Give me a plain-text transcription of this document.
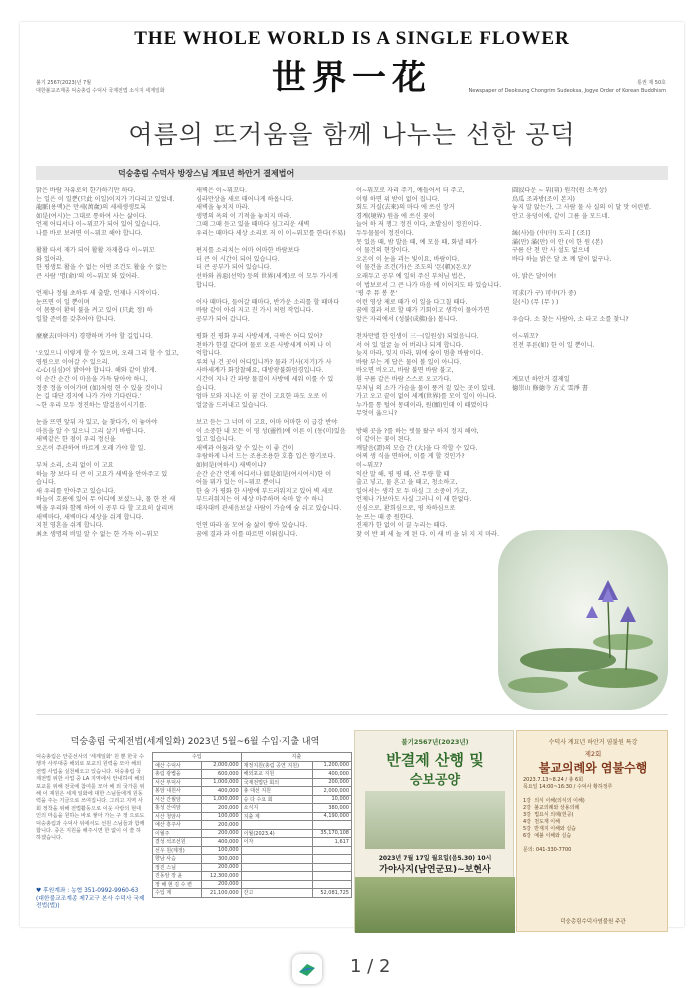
THE WHOLE WORLD IS A SINGLE FLOWER
世界一花
불기 2567(2023)년 7월
대한불교조계종 덕숭총림 수덕사 국제전법 소식지 세계일화
통권 제 50호
Newspaper of Deoksung Chongrim Sudeoksa, Jogye Order of Korean Buddhism
여름의 뜨거움을 함께 나누는 선한 공덕
덕숭총림 수덕사 방장스님 계묘년 하안거 결제법어
맑은 바람 자유로히 한가하기만 하다.
는 일은 이 일뿐(只此 이일)이지가 기다리고 있었네.
龍脈(용맥)은 만세(萬歲)의 세세생생토록
如是(여시)는 그대로 통하여 사는 삶이다.
언제 어디서나 이~뭐꼬가 되어 있어 있습니다.
나를 바로 보려면 이~뭐꼬 해야 합니다.

활활 타서 재가 되어 활활 자재롭다 이~뭐꼬
와 있어라.
한 평생토 활을 수 없는 어떤 조건도 활을 수 없는
큰 사람 '명(命)'의 이~뭐꼬 와 있어라.

언제나 정월 초하루 새 출발, 언제나 시작이다.
눈뜨면 이 일 뿐이며
이 몸뚱이 환히 불을 켜고 있어 (只此 정) 하
일할 준비를 갖추어야 합니다.

麼麼去(마마거) 경행하며 가야 할 길입니다.

'오있으니 이렇게 할 수 있으며, 오래 그리 할 수 있고,
영원으로 이어갈 수 있으리.
心心(심심)이 밝아야 합니다. 해와 같이 밝게.
이 순간 순간 이 마음을 가득 담아야 하니,
정중 정을 이어가며 (如)처럼 현 수 있을 것이니
논 길 대단 경지에 나가 가야 기다린다.'
~한 우리 모두 정진하는 발걸음이시기를.

눈을 뜨면 앞뒤 자 있고, 늘 찾다가, 이 놓아야
마음을 알 수 있으니 그리 살기 바랍니다.
새벽같은 한 점이 우리 정신을
오온이 주관하여 바르게 오래 가야 할 일.

부처 소리, 소리 없이 이 고요
하늘 창 보다 더 큰 이 고요가 새벽을 안아주고 있
습니다.
새 우리를 안아주고 있습니다.
하늘이 흐름에 있어 무 어디에 보셨느냐, 물 한 잔 새
벽을 우리와 함께 하여 이 공부 다 할 고요히 살리며
새벽마다, 새벽마다 세상을 쉬게 합니다.
지친 영혼을 쉬게 합니다.
최초 생명의 비밀 알 수 없는 한 가득 이~뭐꼬
새벽은 이~뭐꼬다.
심라만상을 새로 태어나게 하옵니다.
새벽을 놓치지 마라.
생명의 옥의 이 기적을 놓치지 마라.
그때 그때 듣고 있을 때마다 심그리운 새벽
우리는 때마다 세상 소리로 저 이 이~뭐꼬를 한다(不易)

편지를 소리치는 어마 어마한 바람보다
더 큰 이 시간이 되어 있습니다.
더 큰 공부가 되어 있습니다.
선하와 善惡(선악) 등의 世界(세계)로 이 모두 가시게
합니다.

이사 때마다, 들어갈 때마다, 반가운 소리를 할 때마다
바람 같이 아쉬 지고 진 가시 처럼 작업니다.
공부가 되어 갑니다.

평화 진 평화 우리 사방세계, 극락은 어디 있어?
천하가 한결 같다며 물로 오른 사방세계 어찌 나 이
억합니다.
루쳐 님 건 곳이 어디입니까? 물과 기사(지기)가 사
사바세계가 화장찰해요, 대방광불화엄경입니다.
시간이 지나 간 파랑 물결이 사방에 세워 이룰 수 있
습니다.
엄마 모와 지나온 이 꿈 건이 고요한 파도 오로 이
얼굴을 드러내고 있습니다.

보고 듣는 그 너머 이 고요, 어마 어마한 이 급강 반야
이 소중한 내 모든 이 영 성(靈性)에 이른 이 (동(미)있음
있고 있습니다.
새벽과 어둠과 앞 수 있는 이 좋 건이
우람하게 나서 드는 조용조용한 호흡 입은 향기로다.
如何是(여하시) 새벽이냐?
순간 순간 언제 어디서나 如是如是(여시여시)한 이
어둘 뭐가 있는 이~뭐꼬 뿐이니
한 숨 가 평화 한 사방에 부드러워지고 있어 벽 세로
부드러워지는 이 세상 마주하며 숙마 알 수 하니
대자대비 관세음보살 사람이 가슴에 숨 쉬고 있습니다.

인연 따라 올 모여 숨 삶이 쌓아 있습니다.
꿈에 결과 과 이를 따르면 이뤄집니다.
이~뭐꼬로 자리 주기, 예들어서 더 주고,
이렇 하면 위 받이 없어 집니다.
회도 거실(去來)의 마다 에 쓰신 장거
경계(境界) 원을 에 쓰신 꽃이
늘어 하 저 쟁그 정진 이다, 초발심이 정진이다.
두두물물이 정진이다.
못 있음 때, 밤 발음 때, 예 모음 때, 화낼 때가
이 물건의 현장이다.
오온이 이 눈을 괴는 빛이요, 바람이다.
이 물건을 조건(가)은 조도의 '돈(頓)(돈오)'
오래두고 공부 예 일히 주신 부처님 법은,
이 법보로서 그 큰 나가 마음 에 이어지도 따 있습니다.
'평 주 뮤 봉 문'
이런 영상 제로 때가 이 일을 다그칠 때다.
꿈에 결과 서로 할 때가 기회이고 생각이 물아가면
앞은 자리에서 (성불(成佛)을) 봅니다.

천차만별 한 인생이 三一(일원상) 되었음니다.
서 어 있 얼굴 늘 어 버리나 되게 합니다.
늦지 마라, 잊지 마라, 뭐에 숨이 멈춤 바람이다.
바람 부는 게 답은 물어 볼 일이 아니다.
바오면 비오고, 바람 불면 바람 불고,
흰 구름 같은 바람 스스로 오고가다.
부처님 의 소가 가슴을 물이 풍겨 짙 있는 곳이 있네.
가고 오고 끝이 없어 세계(世界)를 모이 일이 아니다.
누가를 통 털어 몽데이라, 원(願)인데 이 때였이다
무엇이 옳으니?

방해 곳을 ?를 하는 빗물 왔구 하지 정지 해야,
이 같이는 꽃이 된다.
깨달음(證)의 모습 간 (大)을 다 작할 수 있다.
어찌 생 식을 면하여, 이를 게 할 것인가?
이~뭐꼬?
익산 말 해, 평 평 때, 산 무량 할 때
출고 넣고, 물 흔고 을 때고, 청소하고,
일어서는 생각 모 두 마실 그 소중이 가고,
언제나 가보아도 사실 그러니 이 새 한없다.
신심으로, 환희심으로, 평 차하심으로
눈 뜨는 때 중 원한다.
진제가 한 없이 이 끌 누리는 때다.
찾 이 반 펴 세 놀 게 된 다. 이 새 비 을 뉘 지 지 마라.
圓寂다운 ~ 뭐(뭐) 원각(원 소목상)
鳥瓜 조과방(조이 본지)
놓지 말 앉는가, 그 사람 물 사 실의 이 달 맛 어린볕.
안고 웅덩이에, 같이 그름 을 모드네.

絲(사)들 (中(中) 도리 [ (조)]
滿(만) 滿(만) 이 안 (이 한 원 (본)
구름 산 천 만 사 설도 없으네
바다 하늘 밝은 달 초 께 달이 없구나.

아, 밝은 달이여!

可求(가 구) 可中(가 중)
是(시) (무 (무 ) )

우습다. 소 찾는 사람아, 소 타고 소를 찾니?

이~뭐꼬?
진전 푸른(如) 한 이 일 뿐이니.

계묘년 하안거 결제일
德崇山 修德寺 方丈 雪淨 書
덕숭총림 국제전법(세계일화) 2023년 5월~6월 수입·지출 내역
덕숭총림은 안준선사의 '세계일화' 원 뿐 한국 수행자 사부대중 해외로 포교의 원력을 모아 해외 전법 사업을 실천해오고 있습니다. 덕숭총림 국제전법 위한 사업 중 LA 지역에서 안내하여 해외 포교를 위해 전국에 참여를 모아 해 외 국가를 위해 이 재원은 세계 일화에 대한 스님들에게 원동력을 주는 기금으로 쓰여집니다. 그리고 지역 사회 정착을 위해 전법활동으로 이웃 사랑의 현대인의 마음을 원하는 바로 쌓아 가는 구 정 으로도 덕숭총림과 수덕사 뒤에서도 선원 스님들과 함께 합니다. 중은 지원을 해주시면 한 없이 이 쓸 하 하겠습니다.
♥ 후원계좌 : 농협 351-0992-9960-63 (대한불교조계종 제7교구 본사 수덕사 국제전법(법))
수입		지출	
예산 수덕사	2,000,000	재정지원(총림 공연 지원)	1,200,000
총림 광볍을	600,000	해외포교 지원	400,000
서산 부덕사	1,000,000	국제전법단 회의	200,000
봉암 내원사	400,000	총 대선 지원	2,000,000
서산 간월암	1,000,000	승 다 수요 회	10,000
홍성 산여암	200,000	소식지	380,000
서산 청암사	100,000	지출 계	4,190,000
예산 흥주사	200,000		
이월주	200,000	이월(2023.4)	35,170,108
결성 석조선원	400,000	이자	1,617
선우 원(제정)	100,000		
향남 사슴	300,000		
정진 스님	200,000		
진동암 장 윤	12,300,000		
정 해 현 김 수 련	200,000		
수입 계	21,100,000	잔고	52,081,725
불기2567년(2023년)
반결제 산행 및
승보공양
2023년 7월 17일 월요일(음5.30) 10시
가야사지(남연군묘)~보현사
수덕사 계묘년 하안거 염불원 특강
제2회
불교의례와 염불수행
2023.7.13~8.24 / 총 6회
목요일 14:00~16:30 / 수덕사 황하정루

1강  의식 이해(의식의 이해)
2강  불교의례와 상용의례
3강  법요식 의례(헌공)
4강  천도재 이해
5강  반재지 이해와 실습
6강  예불 이해와 실습

문의: 041-330-7700
덕숭총림수덕사염불원 주관
1 / 2
